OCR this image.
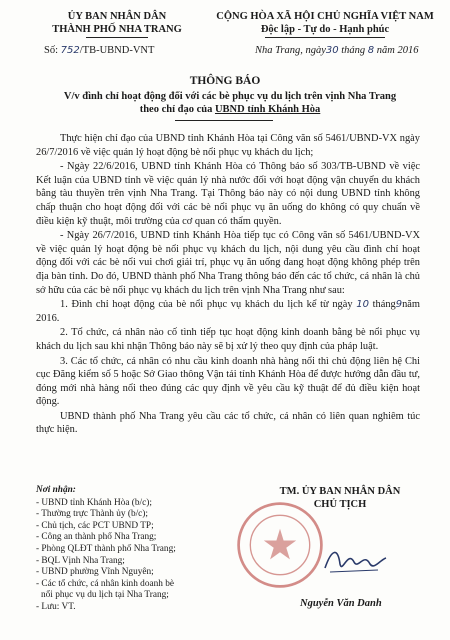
ỦY BAN NHÂN DÂN
THÀNH PHỐ NHA TRANG
CỘNG HÒA XÃ HỘI CHỦ NGHĨA VIỆT NAM
Độc lập - Tự do - Hạnh phúc
Số: 752/TB-UBND-VNT	Nha Trang, ngày30 tháng 8 năm 2016
THÔNG BÁO
V/v đình chỉ hoạt động đối với các bè phục vụ du lịch trên vịnh Nha Trang
theo chỉ đạo của UBND tỉnh Khánh Hòa

Thực hiện chỉ đạo của UBND tỉnh Khánh Hòa tại Công văn số 5461/UBND-VX ngày 26/7/2016 về việc quản lý hoạt động bè nổi phục vụ khách du lịch;

- Ngày 22/6/2016, UBND tỉnh Khánh Hòa có Thông báo số 303/TB-UBND về việc Kết luận của UBND tỉnh về việc quản lý nhà nước đối với hoạt động vận chuyển du khách bằng tàu thuyền trên vịnh Nha Trang. Tại Thông báo này có nội dung UBND tỉnh không chấp thuận cho hoạt động đối với các bè nổi phục vụ ăn uống do không có quy chuẩn về điều kiện kỹ thuật, môi trường của cơ quan có thẩm quyền.

- Ngày 26/7/2016, UBND tỉnh Khánh Hòa tiếp tục có Công văn số 5461/UBND-VX về việc quản lý hoạt động bè nổi phục vụ khách du lịch, nội dung yêu cầu đình chỉ hoạt động đối với các bè nổi vui chơi giải trí, phục vụ ăn uống đang hoạt động không phép trên địa bàn tỉnh. Do đó, UBND thành phố Nha Trang thông báo đến các tổ chức, cá nhân là chủ sở hữu của các bè nổi phục vụ khách du lịch trên vịnh Nha Trang như sau:

1. Đình chỉ hoạt động của bè nổi phục vụ khách du lịch kể từ ngày 10 tháng9năm 2016.

2. Tổ chức, cá nhân nào cố tình tiếp tục hoạt động kinh doanh bằng bè nổi phục vụ khách du lịch sau khi nhận Thông báo này sẽ bị xử lý theo quy định của pháp luật.

3. Các tổ chức, cá nhân có nhu cầu kinh doanh nhà hàng nổi thì chủ động liên hệ Chi cục Đăng kiểm số 5 hoặc Sở Giao thông Vận tải tỉnh Khánh Hòa để được hướng dẫn đầu tư, đóng mới nhà hàng nổi theo đúng các quy định về yêu cầu kỹ thuật để đủ điều kiện hoạt động.

UBND thành phố Nha Trang yêu cầu các tổ chức, cá nhân có liên quan nghiêm túc thực hiện.

Nơi nhận:
- UBND tỉnh Khánh Hòa (b/c);
- Thường trực Thành ủy (b/c);
- Chủ tịch, các PCT UBND TP;
- Công an thành phố Nha Trang;
- Phòng QLĐT thành phố Nha Trang;
- BQL Vịnh Nha Trang;
- UBND phường Vĩnh Nguyên;
- Các tổ chức, cá nhân kinh doanh bè
nổi phục vụ du lịch tại Nha Trang;
- Lưu: VT.
TM. ỦY BAN NHÂN DÂN
CHỦ TỊCH
Nguyễn Văn Danh
